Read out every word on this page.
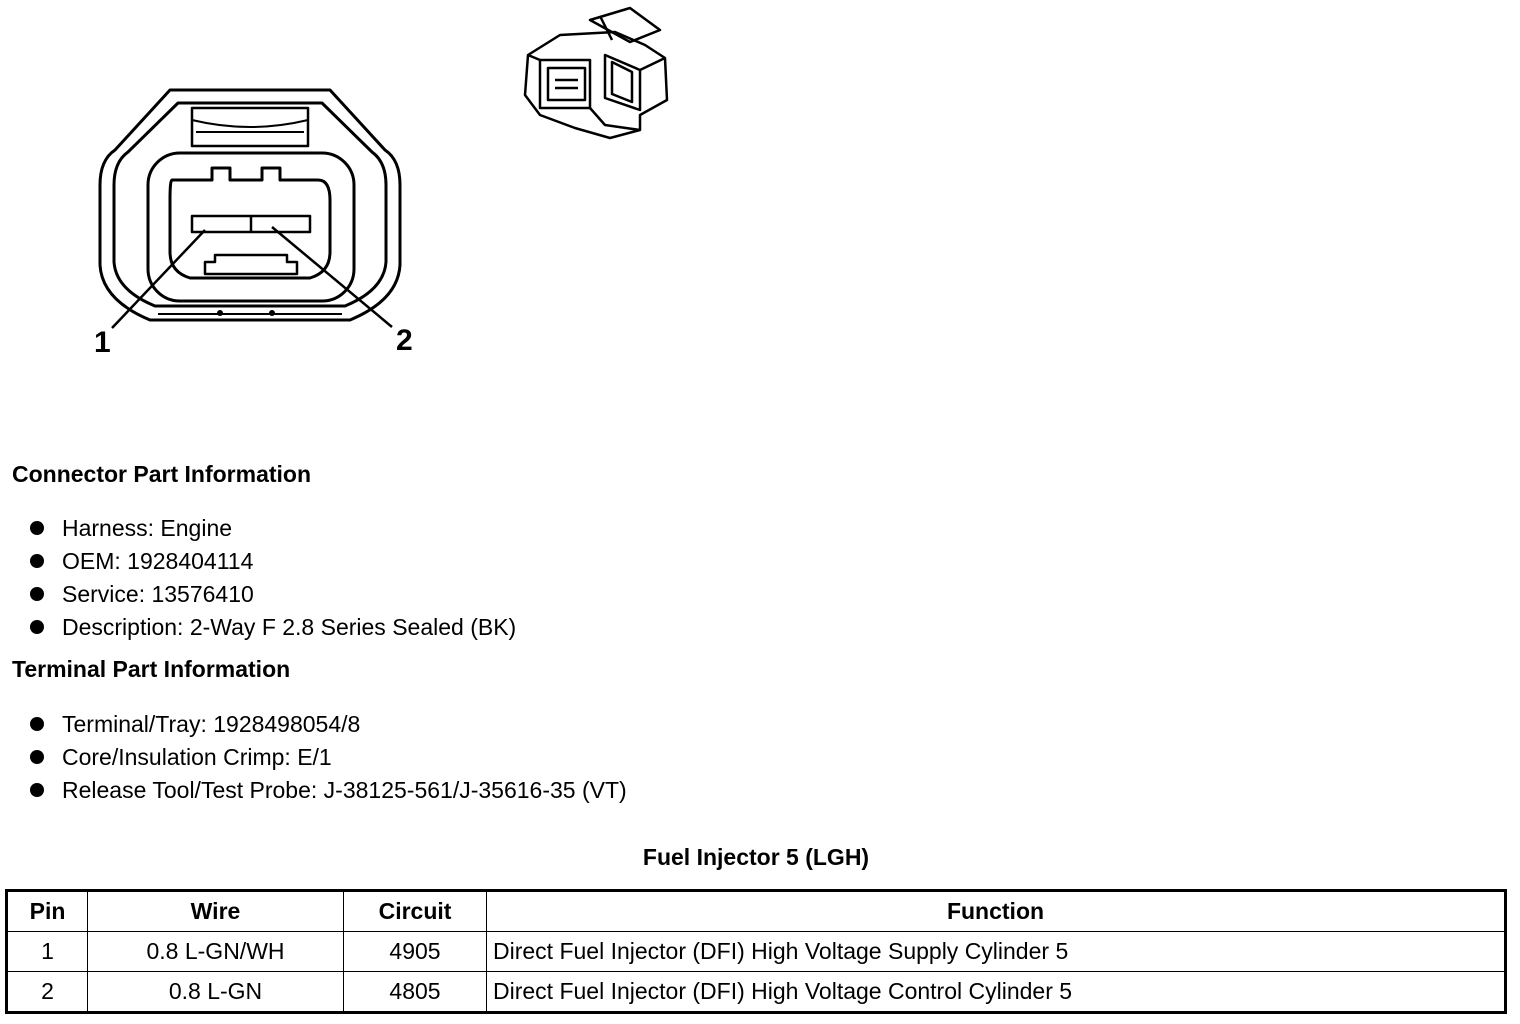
1	2
Connector Part Information
Harness: Engine
OEM: 1928404114
Service: 13576410
Description: 2-Way F 2.8 Series Sealed (BK)
Terminal Part Information
Terminal/Tray: 1928498054/8
Core/Insulation Crimp: E/1
Release Tool/Test Probe: J-38125-561/J-35616-35 (VT)
Fuel Injector 5 (LGH)
Pin	Wire	Circuit	Function
1	0.8 L-GN/WH	4905	Direct Fuel Injector (DFI) High Voltage Supply Cylinder 5
2	0.8 L-GN	4805	Direct Fuel Injector (DFI) High Voltage Control Cylinder 5
